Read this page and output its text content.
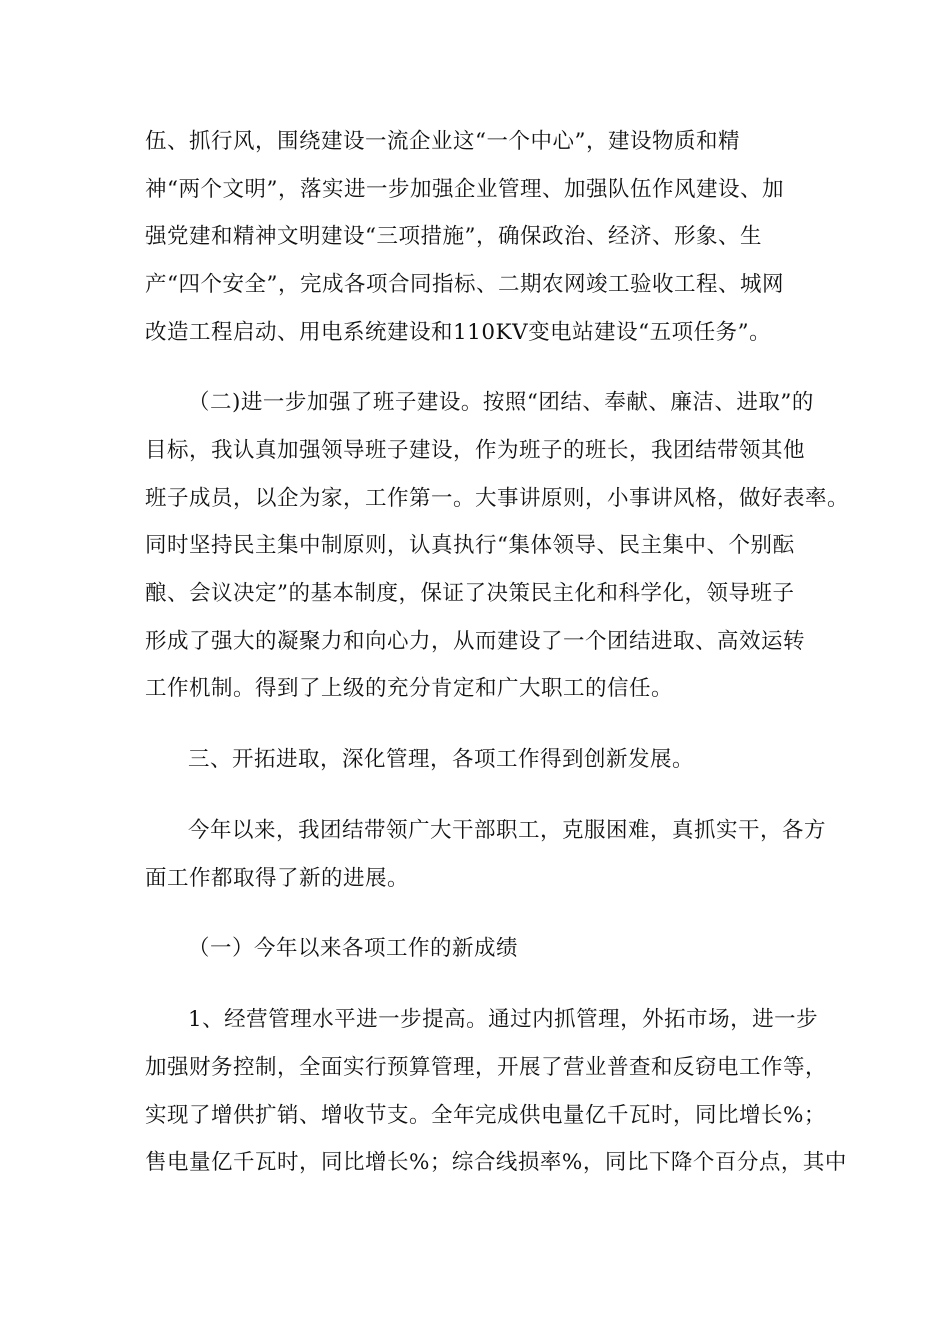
伍、抓行风，围绕建设一流企业这“一个中心”，建设物质和精
神“两个文明”，落实进一步加强企业管理、加强队伍作风建设、加
强党建和精神文明建设“三项措施”，确保政治、经济、形象、生
产“四个安全”，完成各项合同指标、二期农网竣工验收工程、城网
改造工程启动、用电系统建设和110KV变电站建设“五项任务”。
（二)进一步加强了班子建设。按照“团结、奉献、廉洁、进取”的
目标，我认真加强领导班子建设，作为班子的班长，我团结带领其他
班子成员，以企为家，工作第一。大事讲原则，小事讲风格，做好表率。
同时坚持民主集中制原则，认真执行“集体领导、民主集中、个别酝
酿、会议决定”的基本制度，保证了决策民主化和科学化，领导班子
形成了强大的凝聚力和向心力，从而建设了一个团结进取、高效运转
工作机制。得到了上级的充分肯定和广大职工的信任。
三、开拓进取，深化管理，各项工作得到创新发展。
今年以来，我团结带领广大干部职工，克服困难，真抓实干，各方
面工作都取得了新的进展。
（一）今年以来各项工作的新成绩
1、经营管理水平进一步提高。通过内抓管理，外拓市场，进一步
加强财务控制，全面实行预算管理，开展了营业普查和反窃电工作等，
实现了增供扩销、增收节支。全年完成供电量亿千瓦时，同比增长%；
售电量亿千瓦时，同比增长%；综合线损率%，同比下降个百分点，其中
